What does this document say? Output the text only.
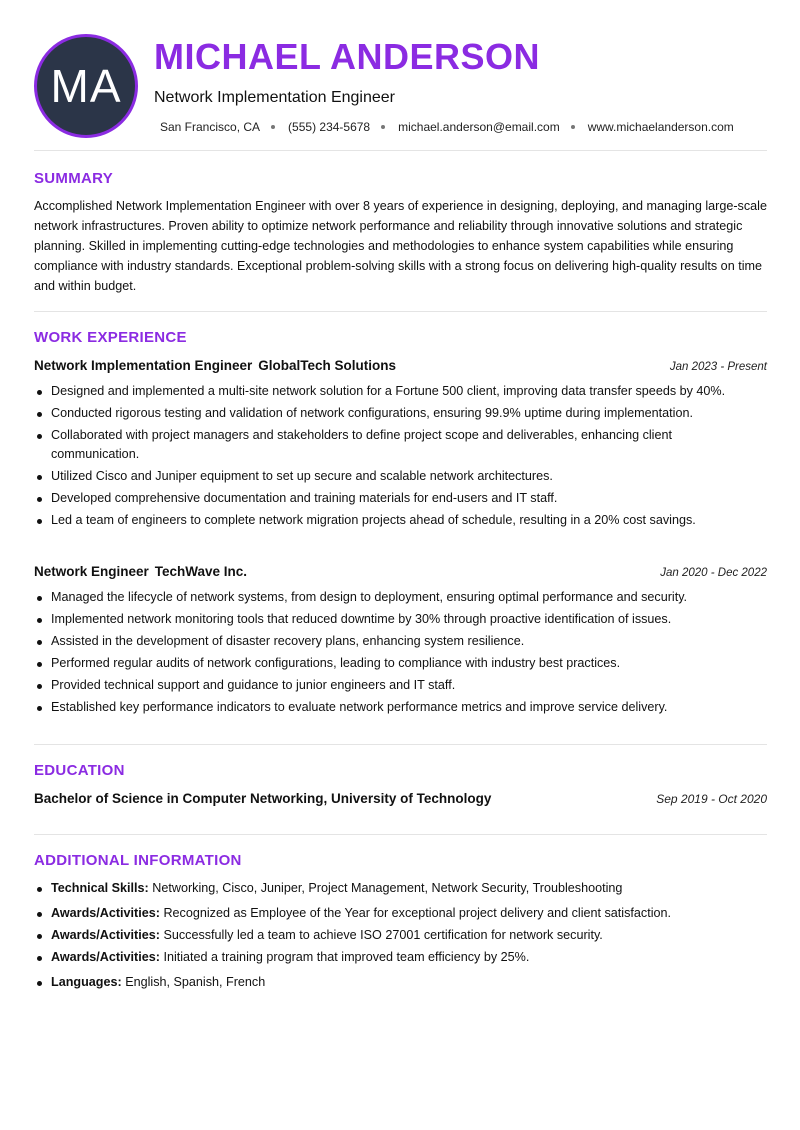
MA
MICHAEL ANDERSON
Network Implementation Engineer
San Francisco, CA (555) 234-5678 michael.anderson@email.com www.michaelanderson.com
SUMMARY

Accomplished Network Implementation Engineer with over 8 years of experience in designing, deploying, and managing large-scale network infrastructures. Proven ability to optimize network performance and reliability through innovative solutions and strategic planning. Skilled in implementing cutting-edge technologies and methodologies to enhance system capabilities while ensuring compliance with industry standards. Exceptional problem-solving skills with a strong focus on delivering high-quality results on time and within budget.

WORK EXPERIENCE
Network Implementation Engineer GlobalTech Solutions	Jan 2023 - Present
Designed and implemented a multi-site network solution for a Fortune 500 client, improving data transfer speeds by 40%.
Conducted rigorous testing and validation of network configurations, ensuring 99.9% uptime during implementation.
Collaborated with project managers and stakeholders to define project scope and deliverables, enhancing client communication.
Utilized Cisco and Juniper equipment to set up secure and scalable network architectures.
Developed comprehensive documentation and training materials for end-users and IT staff.
Led a team of engineers to complete network migration projects ahead of schedule, resulting in a 20% cost savings.
Network Engineer TechWave Inc.	Jan 2020 - Dec 2022
Managed the lifecycle of network systems, from design to deployment, ensuring optimal performance and security.
Implemented network monitoring tools that reduced downtime by 30% through proactive identification of issues.
Assisted in the development of disaster recovery plans, enhancing system resilience.
Performed regular audits of network configurations, leading to compliance with industry best practices.
Provided technical support and guidance to junior engineers and IT staff.
Established key performance indicators to evaluate network performance metrics and improve service delivery.
EDUCATION
Bachelor of Science in Computer Networking, University of Technology	Sep 2019 - Oct 2020
ADDITIONAL INFORMATION
Technical Skills: Networking, Cisco, Juniper, Project Management, Network Security, Troubleshooting
Awards/Activities: Recognized as Employee of the Year for exceptional project delivery and client satisfaction.
Awards/Activities: Successfully led a team to achieve ISO 27001 certification for network security.
Awards/Activities: Initiated a training program that improved team efficiency by 25%.
Languages: English, Spanish, French
